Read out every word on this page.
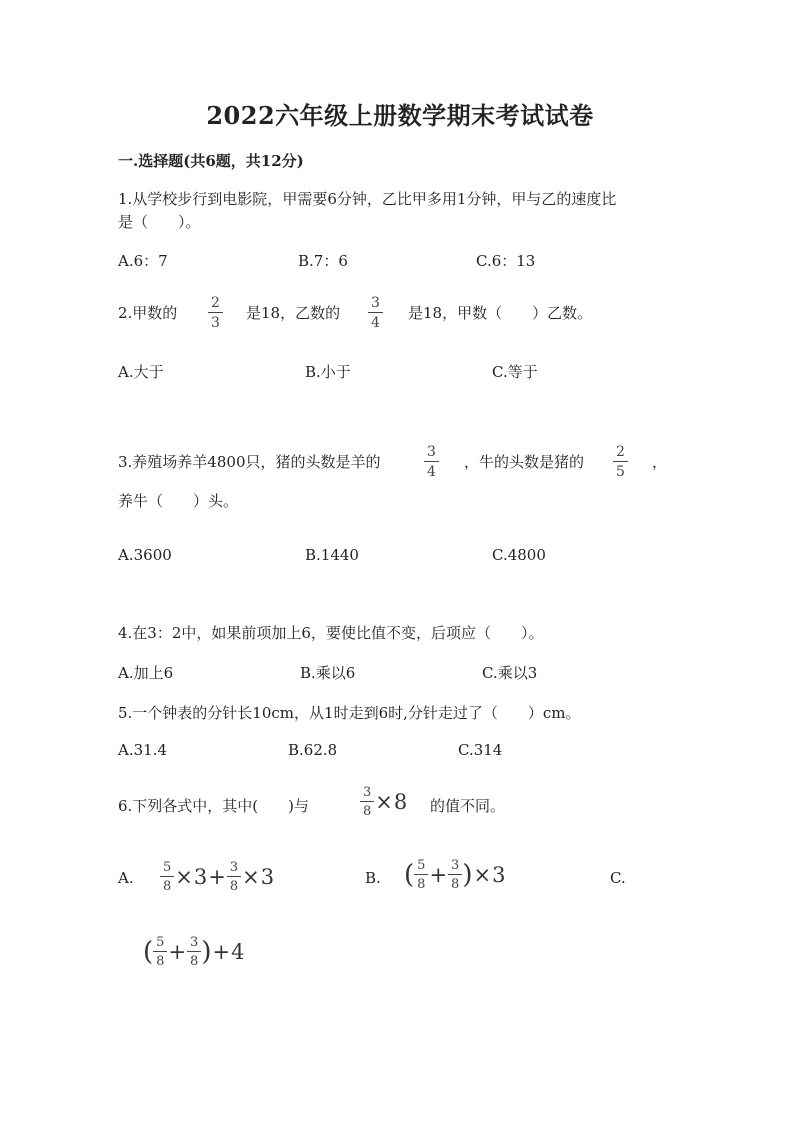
2022六年级上册数学期末考试试卷
一.选择题(共6题，共12分)
1.从学校步行到电影院，甲需要6分钟，乙比甲多用1分钟，甲与乙的速度比
是（　　）。
A.6：7	B.7：6	C.6：13
2.甲数的 $\frac{2}{3}$ 是18，乙数的 $\frac{3}{4}$ 是18，甲数（　　）乙数。
A.大于	B.小于	C.等于
3.养殖场养羊4800只，猪的头数是羊的	$\frac{3}{4}$ ，牛的头数是猪的 $\frac{2}{5}$ ，
养牛（　　）头。
A.3600	B.1440	C.4800
4.在3：2中，如果前项加上6，要使比值不变，后项应（　　）。
A.加上6	B.乘以6	C.乘以3
5.一个钟表的分针长10cm，从1时走到6时,分针走过了（　　）cm。
A.31.4	B.62.8	C.314
6.下列各式中，其中(　　)与	$\frac{3}{8} \times 8$ 的值不同。
A. $\frac{5}{8} \times 3 + \frac{3}{8} \times 3$	B. ( $\frac{5}{8} + \frac{3}{8}$ ) × 3	C.
( $\frac{5}{8} + \frac{3}{8}$ ) + 4
